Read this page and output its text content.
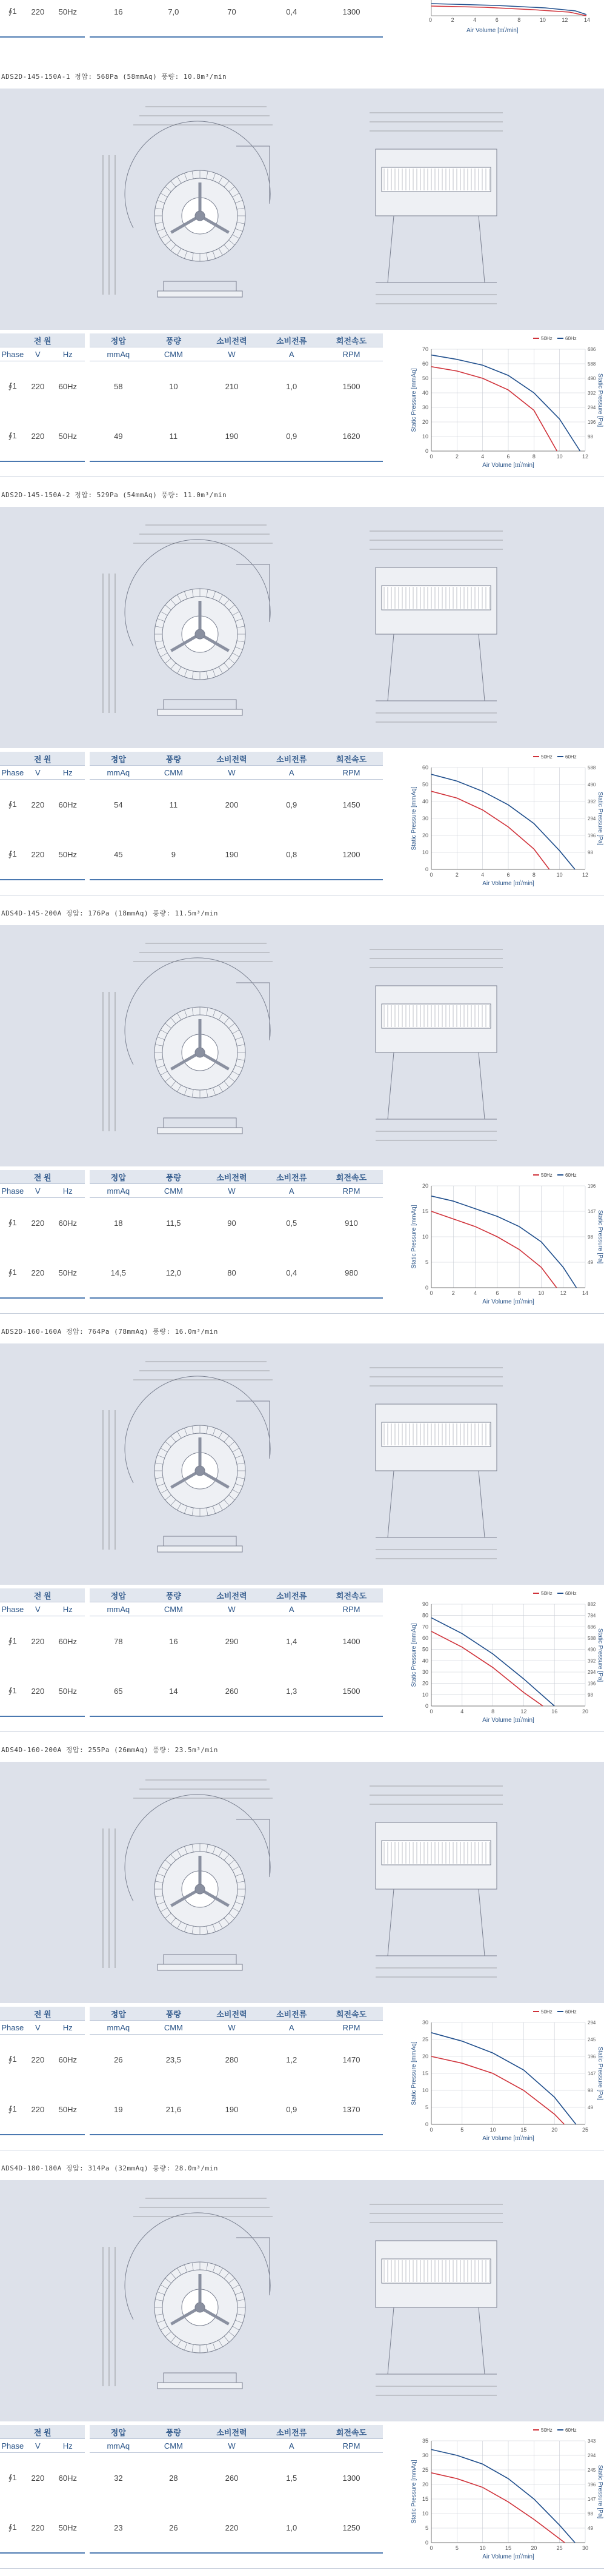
∮1	220	50Hz	16	7,0	70	0,4	1300
0	2	4	6	8	10	12	14
Air Volume [㎥/min]
ADS2D-145-150A-1 정압: 568Pa (58mmAq) 풍량: 10.8m³/min
전 원			정압	풍량	소비전력	소비전류	회전속도
Phase	V	Hz	mmAq	CMM	W	A	RPM
∮1	220	60Hz	58	10	210	1,0	1500
∮1	220	50Hz	49	11	190	0,9	1620
0
10
20
30
40
50
60
70
0	2	4	6	8	10	12
98
196
294
392
490
588
686
50Hz	60Hz
Air Volume [㎥/min]
Static Pressure [mmAq]	Static Pressure [Pa]
ADS2D-145-150A-2 정압: 529Pa (54mmAq) 풍량: 11.0m³/min
전 원			정압	풍량	소비전력	소비전류	회전속도
Phase	V	Hz	mmAq	CMM	W	A	RPM
∮1	220	60Hz	54	11	200	0,9	1450
∮1	220	50Hz	45	9	190	0,8	1200
0
10
20
30
40
50
60
0	2	4	6	8	10	12
98
196
294
392
490
588
50Hz	60Hz
Air Volume [㎥/min]
Static Pressure [mmAq]	Static Pressure [Pa]
ADS4D-145-200A 정압: 176Pa (18mmAq) 풍량: 11.5m³/min
전 원			정압	풍량	소비전력	소비전류	회전속도
Phase	V	Hz	mmAq	CMM	W	A	RPM
∮1	220	60Hz	18	11,5	90	0,5	910
∮1	220	50Hz	14,5	12,0	80	0,4	980
0
5
10
15
20
0	2	4	6	8	10	12	14
49
98
147
196
50Hz	60Hz
Air Volume [㎥/min]
Static Pressure [mmAq]	Static Pressure [Pa]
ADS2D-160-160A 정압: 764Pa (78mmAq) 풍량: 16.0m³/min
전 원			정압	풍량	소비전력	소비전류	회전속도
Phase	V	Hz	mmAq	CMM	W	A	RPM
∮1	220	60Hz	78	16	290	1,4	1400
∮1	220	50Hz	65	14	260	1,3	1500
0
10
20
30
40
50
60
70
80
90
0	4	8	12	16	20
98
196
294
392
490
588
686
784
882
50Hz	60Hz
Air Volume [㎥/min]
Static Pressure [mmAq]	Static Pressure [Pa]
ADS4D-160-200A 정압: 255Pa (26mmAq) 풍량: 23.5m³/min
전 원			정압	풍량	소비전력	소비전류	회전속도
Phase	V	Hz	mmAq	CMM	W	A	RPM
∮1	220	60Hz	26	23,5	280	1,2	1470
∮1	220	50Hz	19	21,6	190	0,9	1370
0
5
10
15
20
25
30
0	5	10	15	20	25
49
98
147
196
245
294
50Hz	60Hz
Air Volume [㎥/min]
Static Pressure [mmAq]	Static Pressure [Pa]
ADS4D-180-180A 정압: 314Pa (32mmAq) 풍량: 28.0m³/min
전 원			정압	풍량	소비전력	소비전류	회전속도
Phase	V	Hz	mmAq	CMM	W	A	RPM
∮1	220	60Hz	32	28	260	1,5	1300
∮1	220	50Hz	23	26	220	1,0	1250
0
5
10
15
20
25
30
35
0	5	10	15	20	25	30
49
98
147
196
245
294
343
50Hz	60Hz
Air Volume [㎥/min]
Static Pressure [mmAq]	Static Pressure [Pa]
